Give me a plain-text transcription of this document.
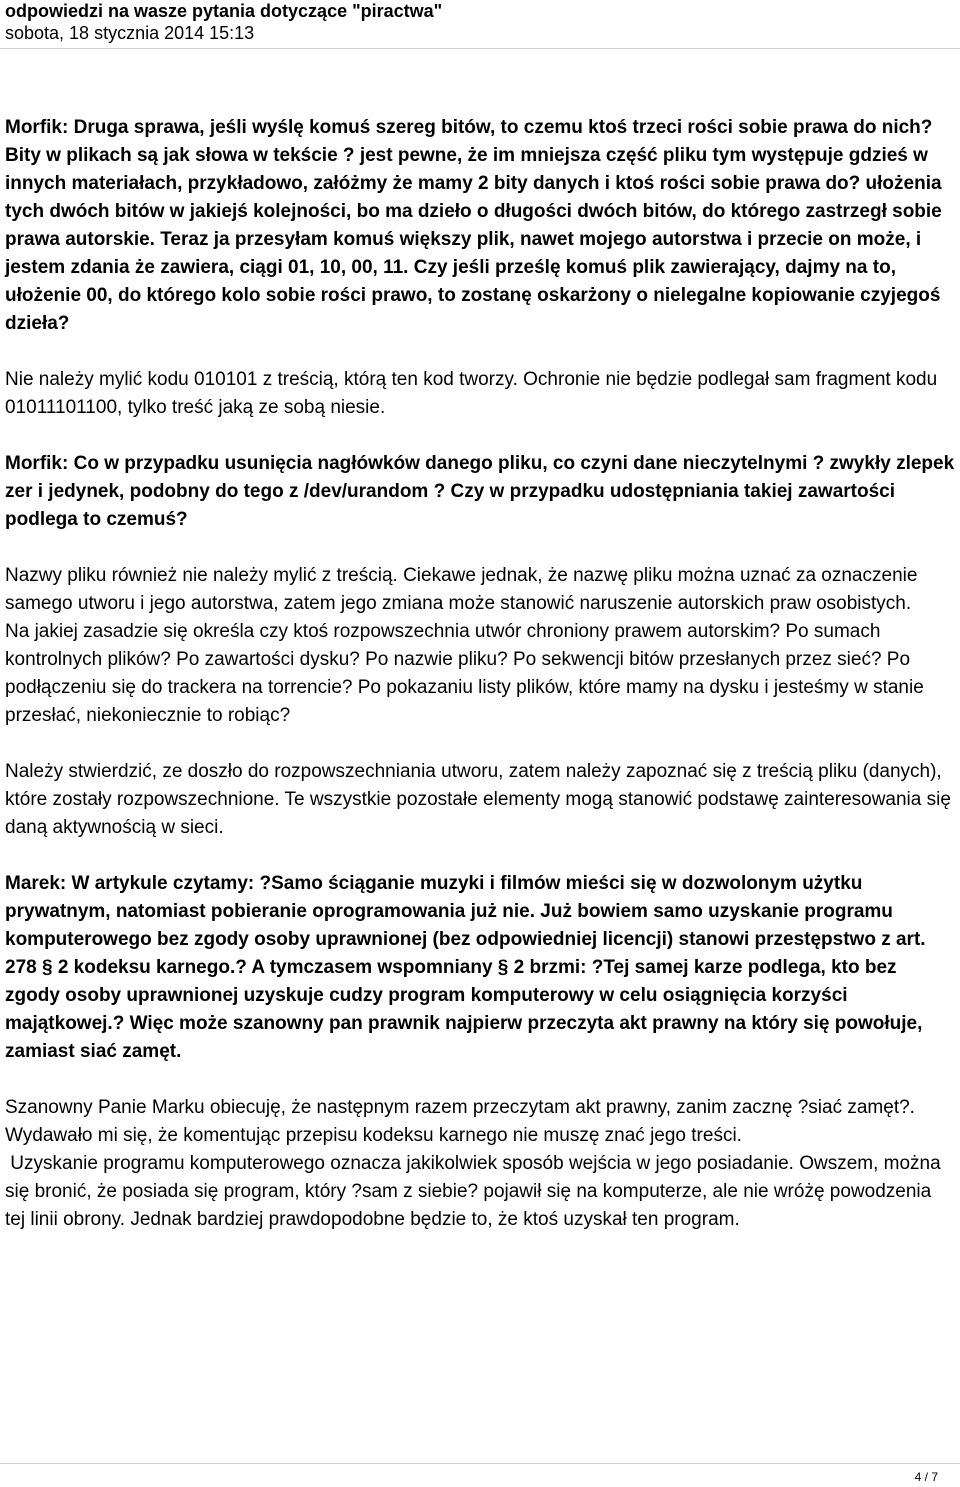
odpowiedzi na wasze pytania dotyczące "piractwa"
sobota, 18 stycznia 2014 15:13

Morfik: Druga sprawa, jeśli wyślę komuś szereg bitów, to czemu ktoś trzeci rości sobie prawa do nich? Bity w plikach są jak słowa w tekście ? jest pewne, że im mniejsza część pliku tym występuje gdzieś w innych materiałach, przykładowo, załóżmy że mamy 2 bity danych i ktoś rości sobie prawa do? ułożenia tych dwóch bitów w jakiejś kolejności, bo ma dzieło o długości dwóch bitów, do którego zastrzegł sobie prawa autorskie. Teraz ja przesyłam komuś większy plik, nawet mojego autorstwa i przecie on może, i jestem zdania że zawiera, ciągi 01, 10, 00, 11. Czy jeśli prześlę komuś plik zawierający, dajmy na to, ułożenie 00, do którego kolo sobie rości prawo, to zostanę oskarżony o nielegalne kopiowanie czyjegoś dzieła?

Nie należy mylić kodu 010101 z treścią, którą ten kod tworzy. Ochronie nie będzie podlegał sam fragment kodu 01011101100, tylko treść jaką ze sobą niesie.

Morfik: Co w przypadku usunięcia nagłówków danego pliku, co czyni dane nieczytelnymi ? zwykły zlepek zer i jedynek, podobny do tego z /dev/urandom ? Czy w przypadku udostępniania takiej zawartości podlega to czemuś?

Nazwy pliku również nie należy mylić z treścią. Ciekawe jednak, że nazwę pliku można uznać za oznaczenie samego utworu i jego autorstwa, zatem jego zmiana może stanowić naruszenie autorskich praw osobistych.
Na jakiej zasadzie się określa czy ktoś rozpowszechnia utwór chroniony prawem autorskim? Po sumach kontrolnych plików? Po zawartości dysku? Po nazwie pliku? Po sekwencji bitów przesłanych przez sieć? Po podłączeniu się do trackera na torrencie? Po pokazaniu listy plików, które mamy na dysku i jesteśmy w stanie przesłać, niekoniecznie to robiąc?

Należy stwierdzić, ze doszło do rozpowszechniania utworu, zatem należy zapoznać się z treścią pliku (danych), które zostały rozpowszechnione. Te wszystkie pozostałe elementy mogą stanowić podstawę zainteresowania się daną aktywnością w sieci.

Marek: W artykule czytamy: ?Samo ściąganie muzyki i filmów mieści się w dozwolonym użytku prywatnym, natomiast pobieranie oprogramowania już nie. Już bowiem samo uzyskanie programu komputerowego bez zgody osoby uprawnionej (bez odpowiedniej licencji) stanowi przestępstwo z art. 278 § 2 kodeksu karnego.? A tymczasem wspomniany § 2 brzmi: ?Tej samej karze podlega, kto bez zgody osoby uprawnionej uzyskuje cudzy program komputerowy w celu osiągnięcia korzyści majątkowej.? Więc może szanowny pan prawnik najpierw przeczyta akt prawny na który się powołuje, zamiast siać zamęt.

Szanowny Panie Marku obiecuję, że następnym razem przeczytam akt prawny, zanim zacznę ?siać zamęt?. Wydawało mi się, że komentując przepisu kodeksu karnego nie muszę znać jego treści.
Uzyskanie programu komputerowego oznacza jakikolwiek sposób wejścia w jego posiadanie. Owszem, można się bronić, że posiada się program, który ?sam z siebie? pojawił się na komputerze, ale nie wróżę powodzenia tej linii obrony. Jednak bardziej prawdopodobne będzie to, że ktoś uzyskał ten program.

4 / 7
